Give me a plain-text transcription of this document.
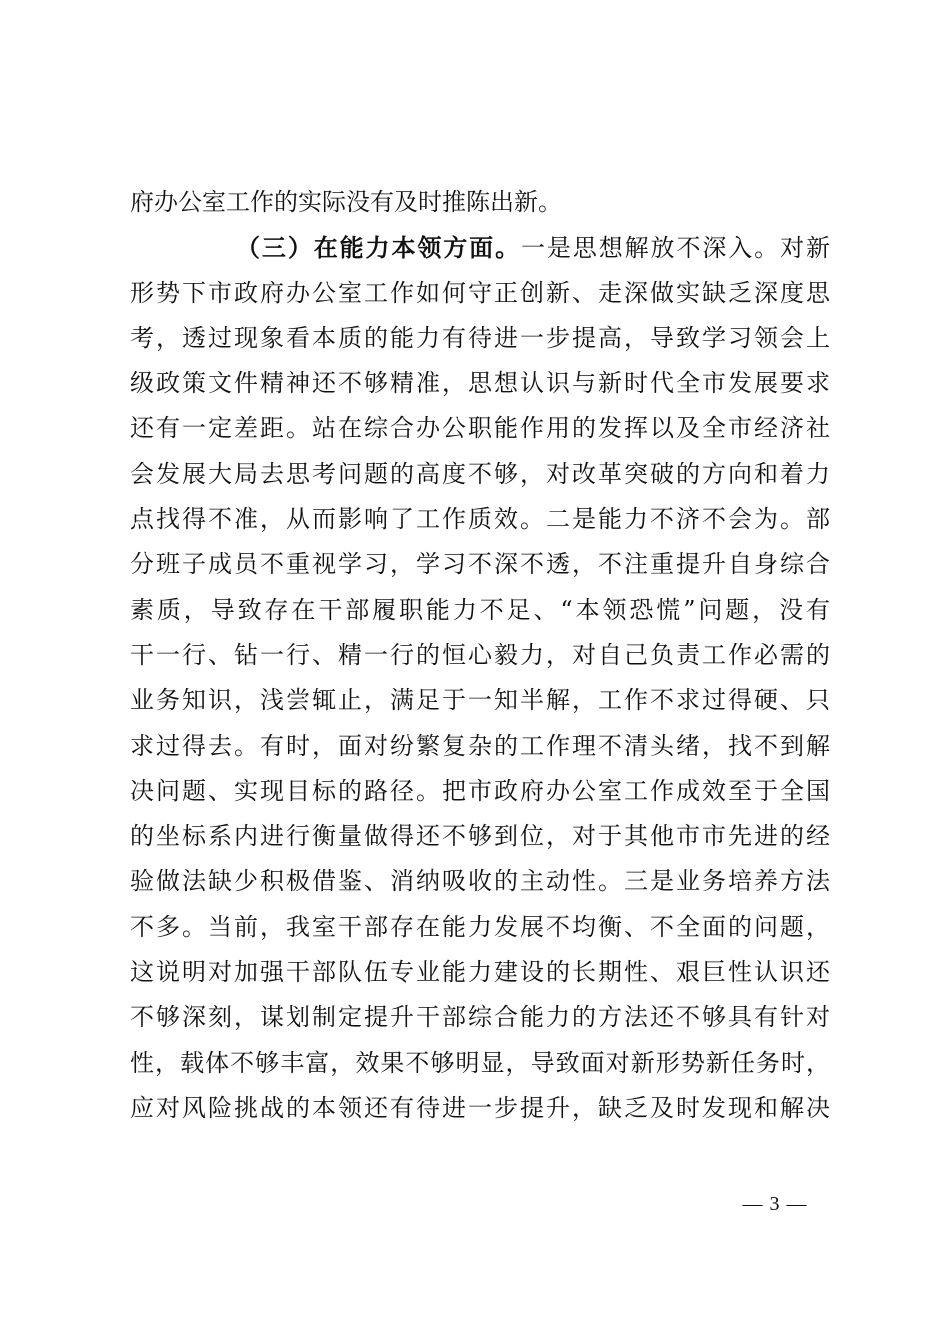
府办公室工作的实际没有及时推陈出新。
（三）在能力本领方面。一是思想解放不深入。对新
形势下市政府办公室工作如何守正创新、走深做实缺乏深度思
考，透过现象看本质的能力有待进一步提高，导致学习领会上
级政策文件精神还不够精准，思想认识与新时代全市发展要求
还有一定差距。站在综合办公职能作用的发挥以及全市经济社
会发展大局去思考问题的高度不够，对改革突破的方向和着力
点找得不准，从而影响了工作质效。二是能力不济不会为。部
分班子成员不重视学习，学习不深不透，不注重提升自身综合
素质，导致存在干部履职能力不足、“本领恐慌”问题，没有
干一行、钻一行、精一行的恒心毅力，对自己负责工作必需的
业务知识，浅尝辄止，满足于一知半解，工作不求过得硬、只
求过得去。有时，面对纷繁复杂的工作理不清头绪，找不到解
决问题、实现目标的路径。把市政府办公室工作成效至于全国
的坐标系内进行衡量做得还不够到位，对于其他市市先进的经
验做法缺少积极借鉴、消纳吸收的主动性。三是业务培养方法
不多。当前，我室干部存在能力发展不均衡、不全面的问题，
这说明对加强干部队伍专业能力建设的长期性、艰巨性认识还
不够深刻，谋划制定提升干部综合能力的方法还不够具有针对
性，载体不够丰富，效果不够明显，导致面对新形势新任务时，
应对风险挑战的本领还有待进一步提升，缺乏及时发现和解决
— 3 —
